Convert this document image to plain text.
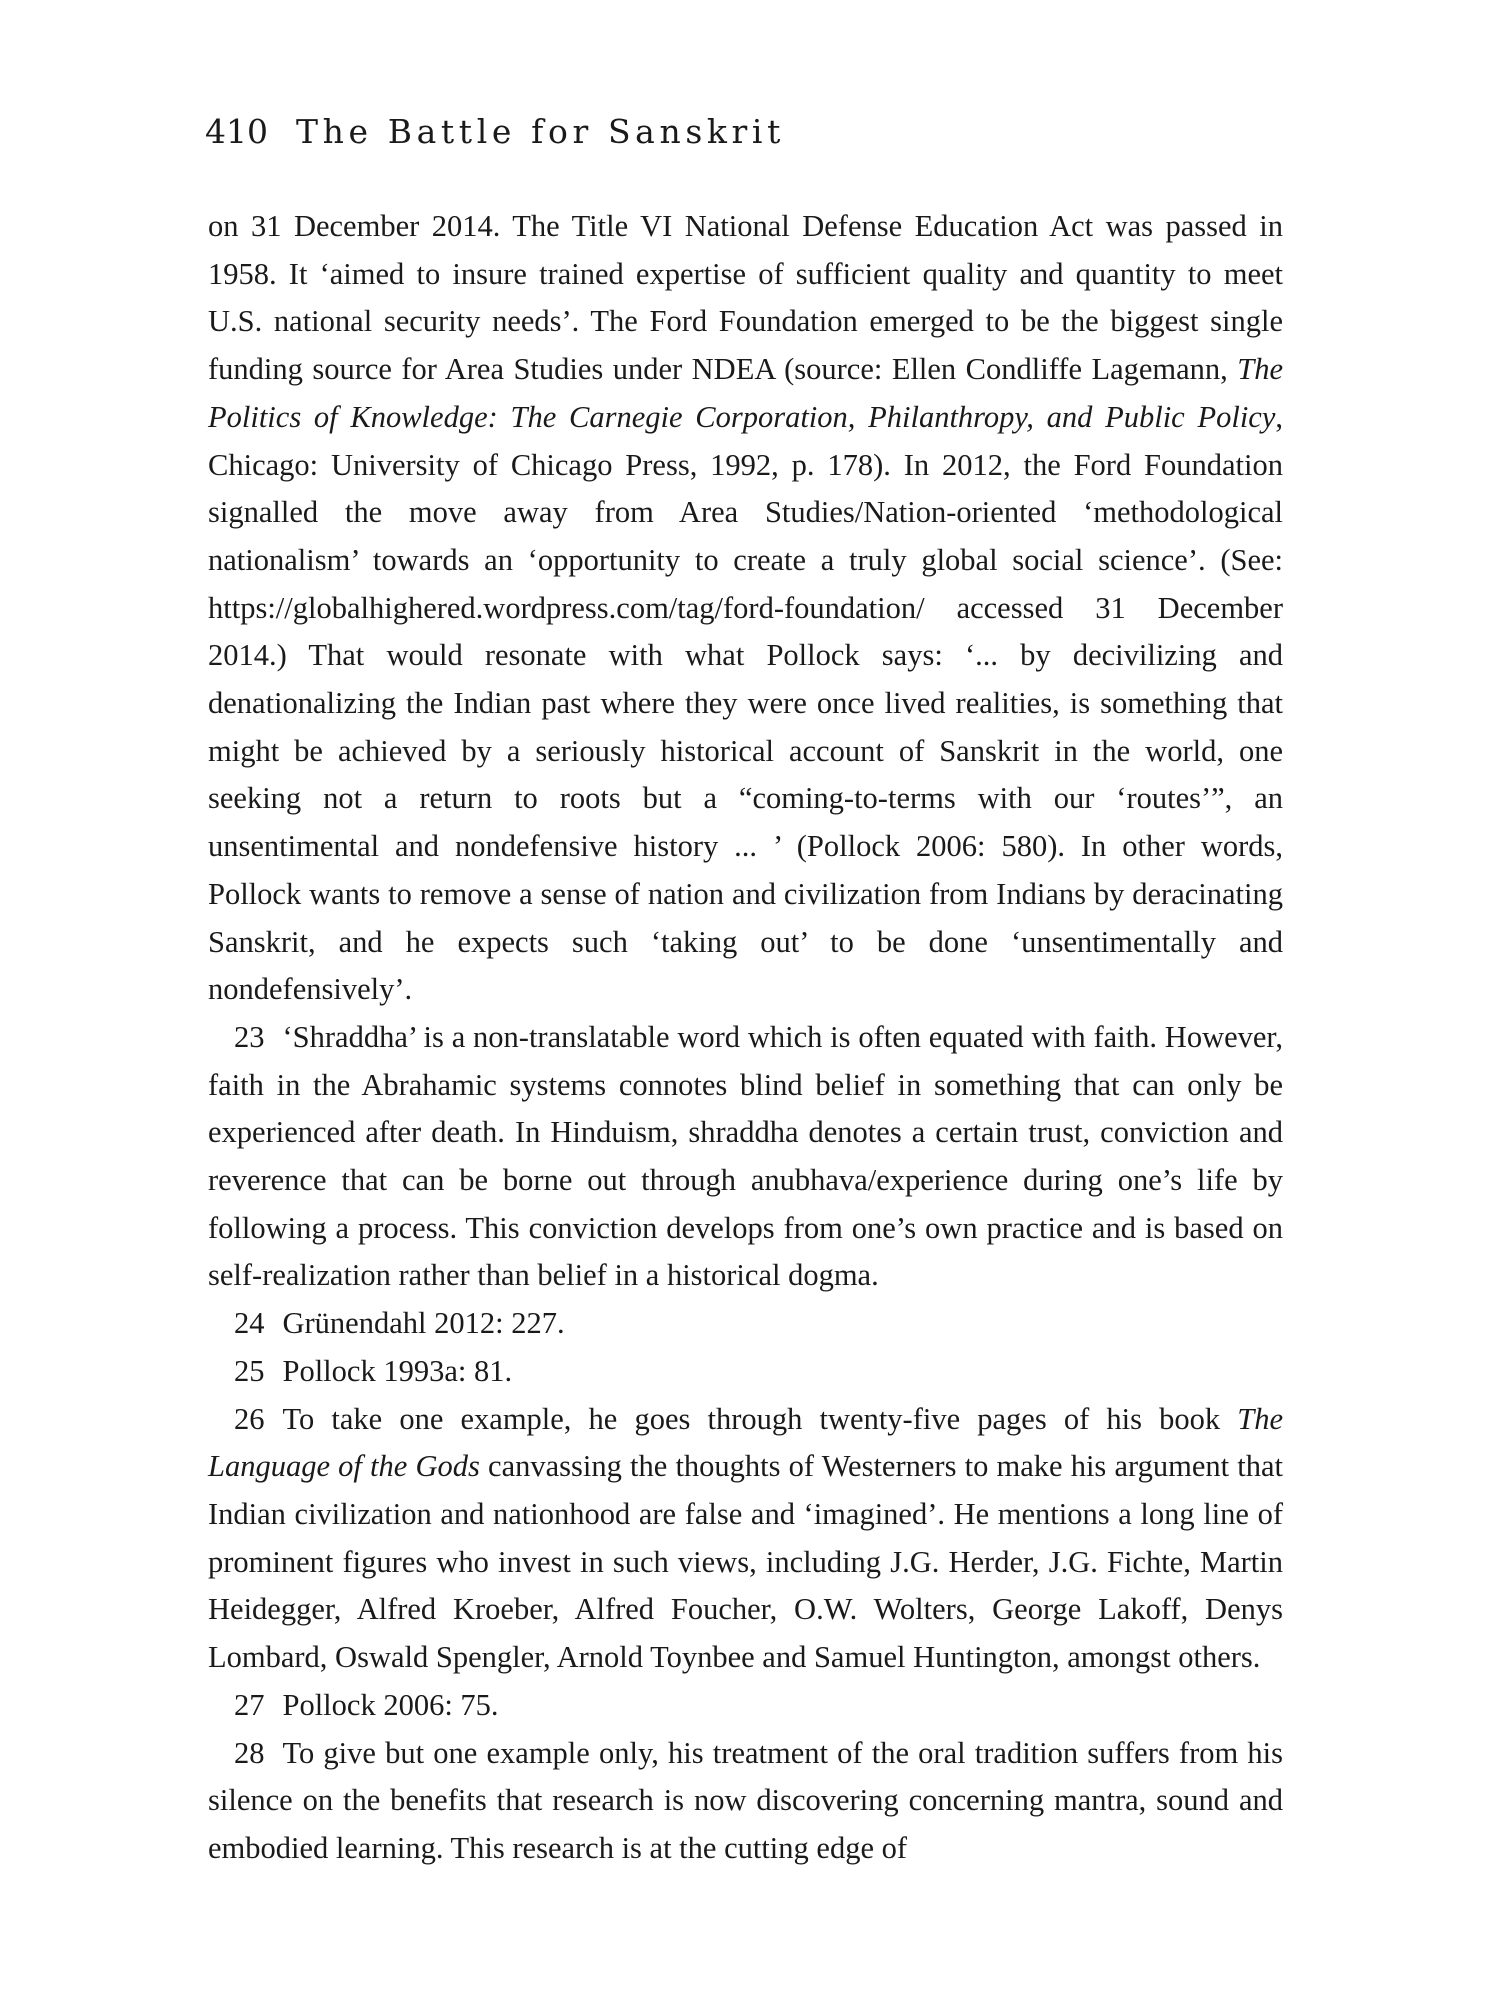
410 The Battle for Sanskrit

on 31 December 2014. The Title VI National Defense Education Act was passed in 1958. It ‘aimed to insure trained expertise of sufficient quality and quantity to meet U.S. national security needs’. The Ford Foundation emerged to be the biggest single funding source for Area Studies under NDEA (source: Ellen Condliffe Lagemann, The Politics of Knowledge: The Carnegie Corporation, Philanthropy, and Public Policy, Chicago: University of Chicago Press, 1992, p. 178). In 2012, the Ford Foundation signalled the move away from Area Studies/Nation-oriented ‘methodological nationalism’ towards an ‘opportunity to create a truly global social science’. (See: https://globalhighered.wordpress.com/tag/ford-foundation/ accessed 31 December 2014.) That would resonate with what Pollock says: ‘... by decivilizing and denationalizing the Indian past where they were once lived realities, is something that might be achieved by a seriously historical account of Sanskrit in the world, one seeking not a return to roots but a “coming-to-terms with our ‘routes’”, an unsentimental and nondefensive history ... ’ (Pollock 2006: 580). In other words, Pollock wants to remove a sense of nation and civilization from Indians by deracinating Sanskrit, and he expects such ‘taking out’ to be done ‘unsentimentally and nondefensively’.

23 ‘Shraddha’ is a non-translatable word which is often equated with faith. However, faith in the Abrahamic systems connotes blind belief in something that can only be experienced after death. In Hinduism, shraddha denotes a certain trust, conviction and reverence that can be borne out through anubhava/experience during one’s life by following a process. This conviction develops from one’s own practice and is based on self-realization rather than belief in a historical dogma.

24 Grünendahl 2012: 227.

25 Pollock 1993a: 81.

26 To take one example, he goes through twenty-five pages of his book The Language of the Gods canvassing the thoughts of Westerners to make his argument that Indian civilization and nationhood are false and ‘imagined’. He mentions a long line of prominent figures who invest in such views, including J.G. Herder, J.G. Fichte, Martin Heidegger, Alfred Kroeber, Alfred Foucher, O.W. Wolters, George Lakoff, Denys Lombard, Oswald Spengler, Arnold Toynbee and Samuel Huntington, amongst others.

27 Pollock 2006: 75.

28 To give but one example only, his treatment of the oral tradition suffers from his silence on the benefits that research is now discovering concerning mantra, sound and embodied learning. This research is at the cutting edge of
